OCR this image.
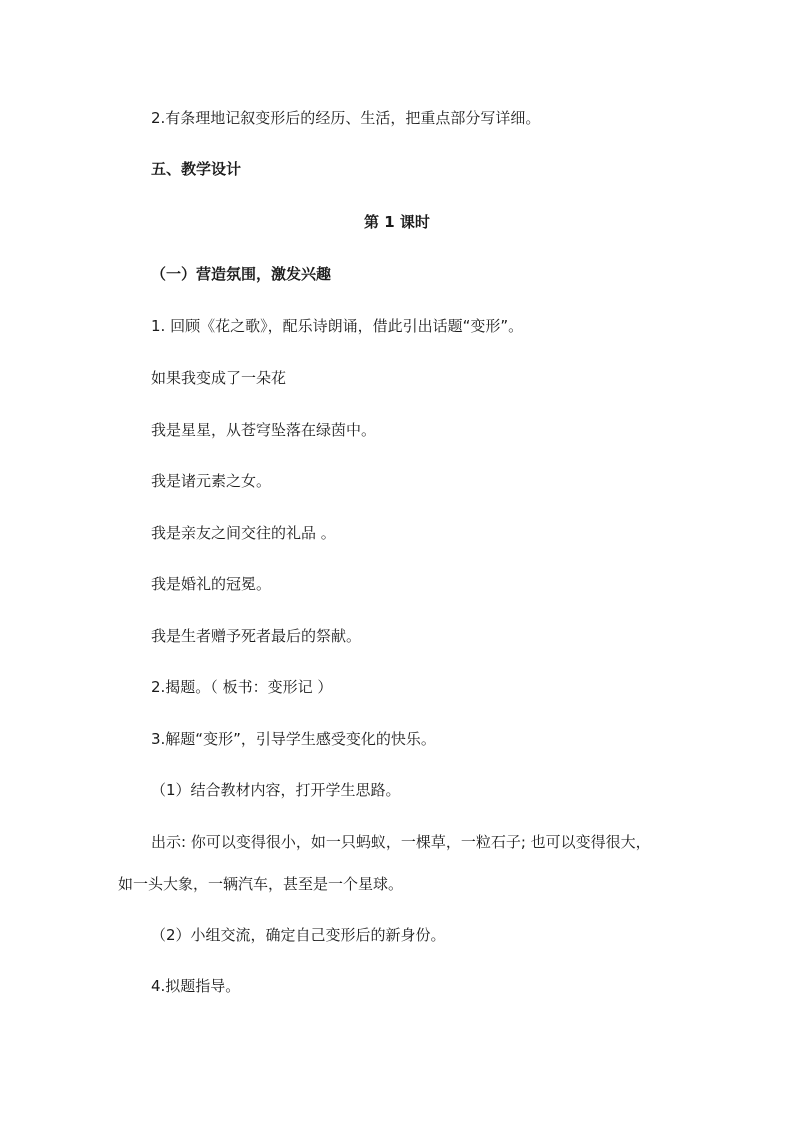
2.有条理地记叙变形后的经历、生活，把重点部分写详细。
五、教学设计
第 1 课时
（一）营造氛围，激发兴趣
1. 回顾《花之歌》，配乐诗朗诵，借此引出话题“变形”。
如果我变成了一朵花
我是星星，从苍穹坠落在绿茵中。
我是诸元素之女。
我是亲友之间交往的礼品 。
我是婚礼的冠冕。
我是生者赠予死者最后的祭献。
2.揭题。（ 板书：变形记 ）
3.解题“变形”，引导学生感受变化的快乐。
（1）结合教材内容，打开学生思路。
出示: 你可以变得很小，如一只蚂蚁，一棵草，一粒石子; 也可以变得很大，
如一头大象，一辆汽车，甚至是一个星球。
（2）小组交流，确定自己变形后的新身份。
4.拟题指导。
